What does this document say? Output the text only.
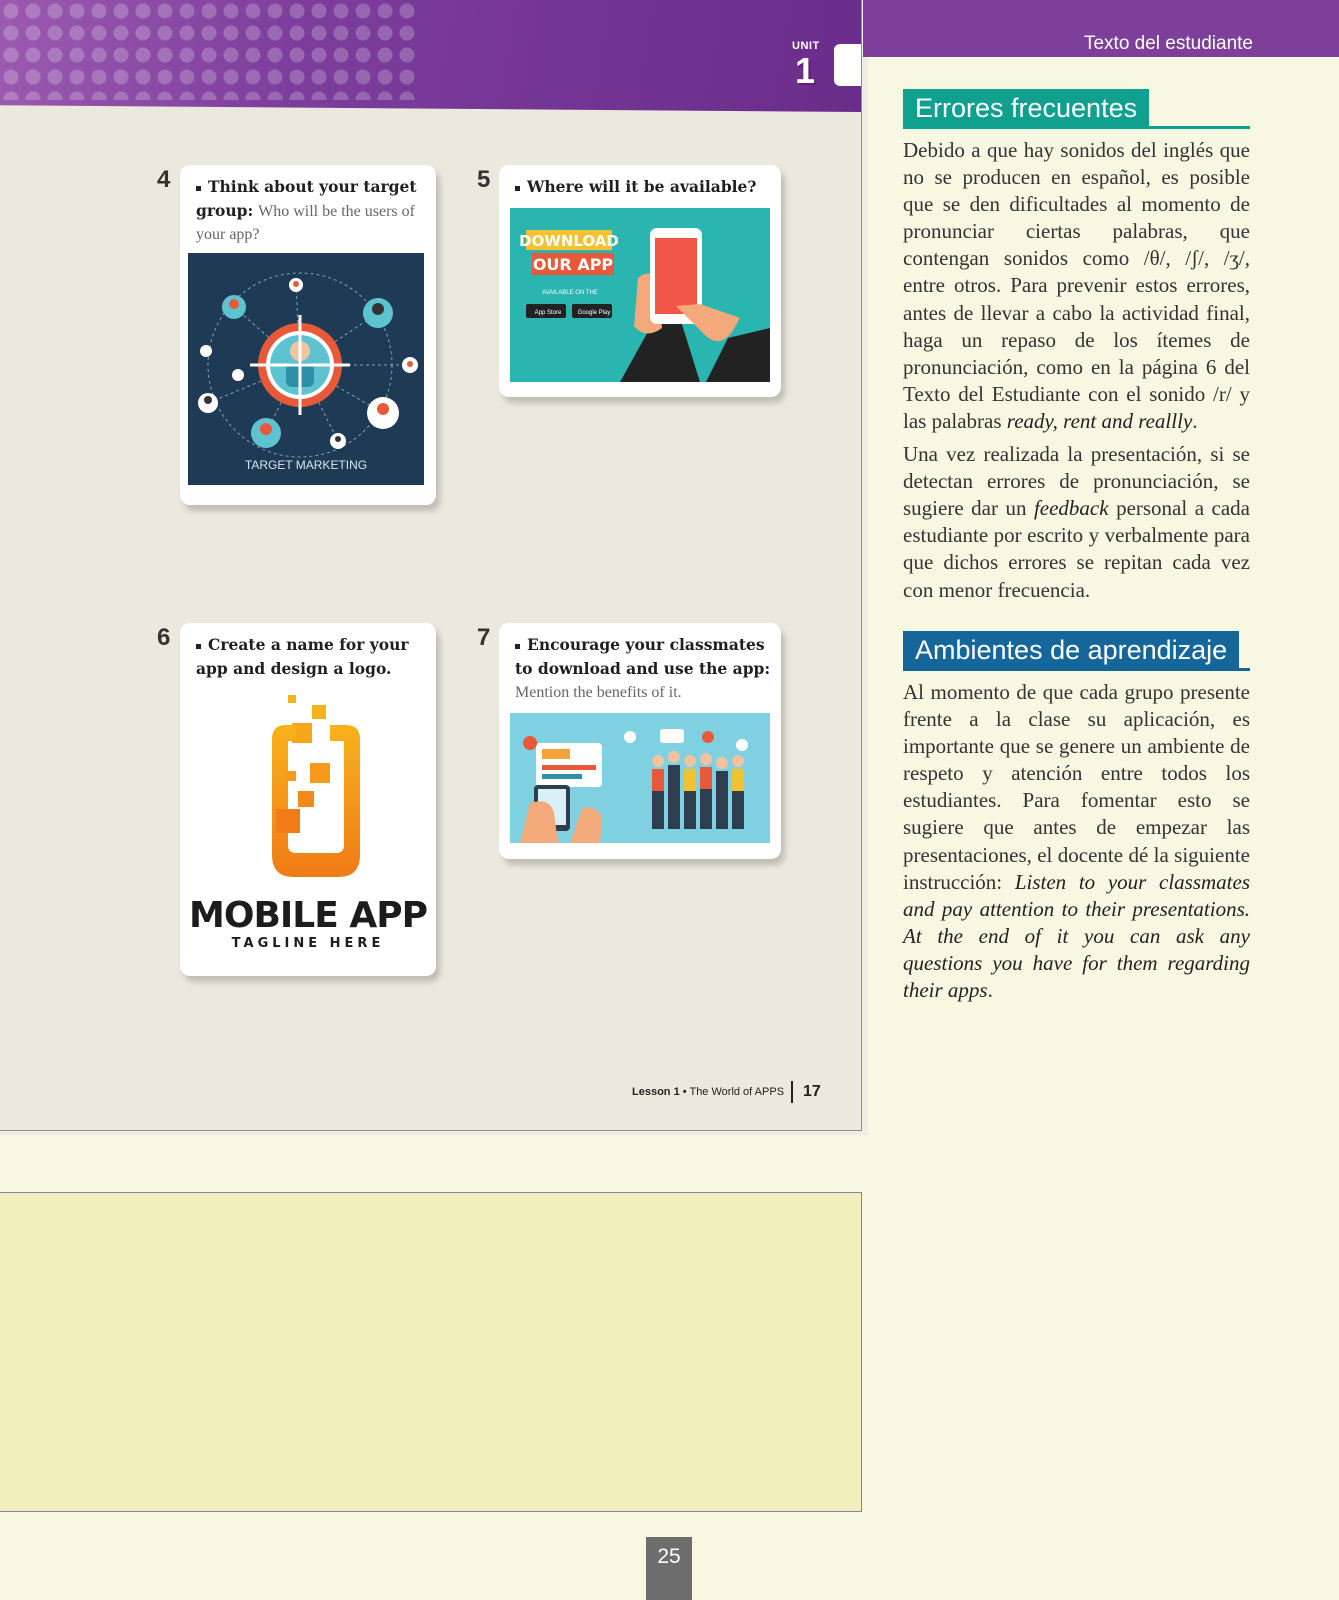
UNIT
1
4	Think about your target group: Who will be the users of your app?
TARGET MARKETING
5	Where will it be available?
DOWNLOAD
OUR APP
AVAILABLE ON THE
App Store	Google Play
6	Create a name for your app and design a logo.
MOBILE APP
TAGLINE HERE
7	Encourage your classmates to download and use the app: Mention the benefits of it.
Lesson 1 • The World of APPS 17
25
Texto del estudiante
Errores frecuentes

Debido a que hay sonidos del inglés que no se producen en español, es posible que se den dificultades al momento de pronunciar ciertas palabras, que contengan sonidos como /θ/, /ʃ/, /ʒ/, entre otros. Para prevenir estos errores, antes de llevar a cabo la actividad final, haga un repaso de los ítemes de pronunciación, como en la página 6 del Texto del Estudiante con el sonido /r/ y las palabras ready, rent and reallly.

Una vez realizada la presentación, si se detectan errores de pronunciación, se sugiere dar un feedback personal a cada estudiante por escrito y verbalmente para que dichos errores se repitan cada vez con menor frecuencia.

Ambientes de aprendizaje

Al momento de que cada grupo presente frente a la clase su aplicación, es importante que se genere un ambiente de respeto y atención entre todos los estudiantes. Para fomentar esto se sugiere que antes de empezar las presentaciones, el docente dé la siguiente instrucción: Listen to your classmates and pay attention to their presentations. At the end of it you can ask any questions you have for them regarding their apps.
